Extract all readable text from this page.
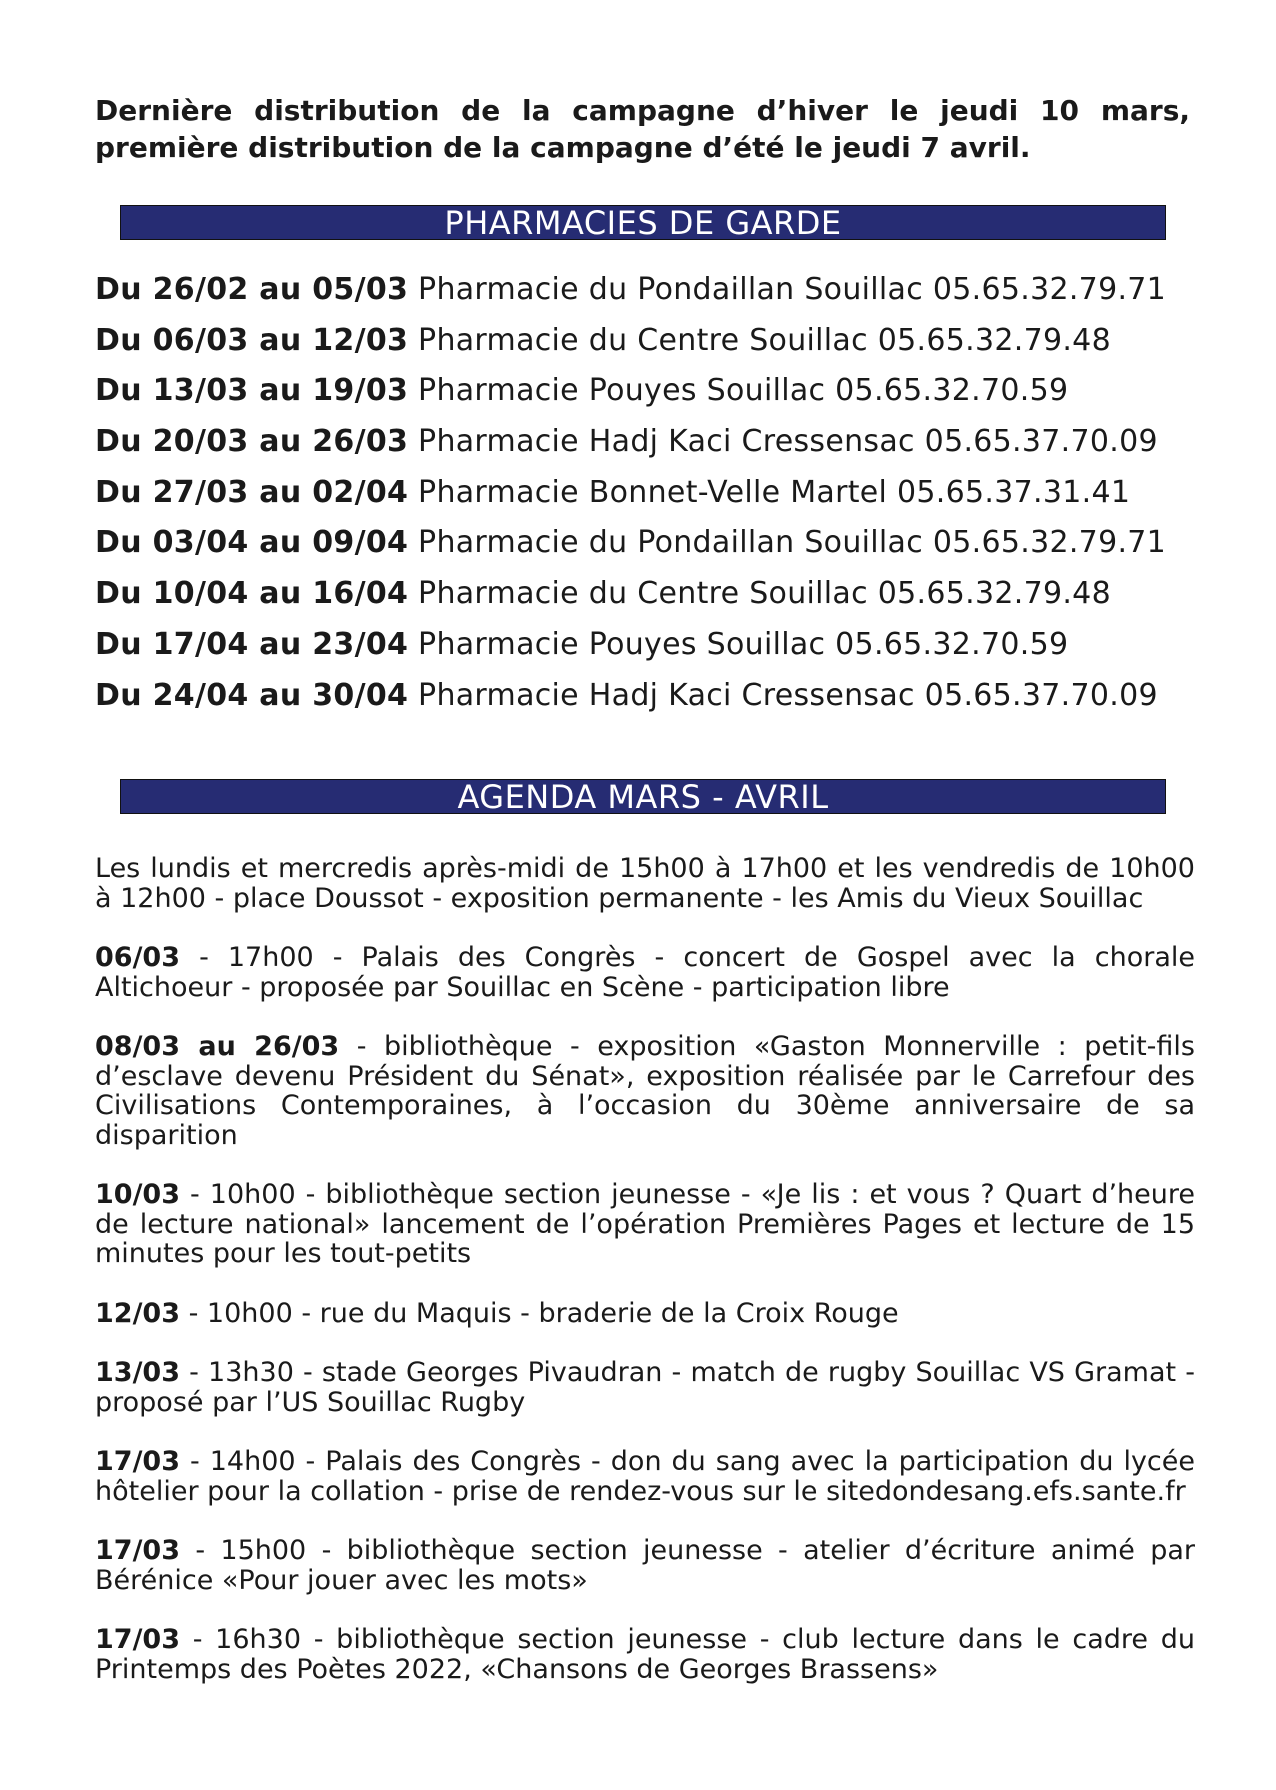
Dernière distribution de la campagne d’hiver le jeudi 10 mars, première distribution de la campagne d’été le jeudi 7 avril.

PHARMACIES DE GARDE
Du 26/02 au 05/03 Pharmacie du Pondaillan Souillac 05.65.32.79.71
Du 06/03 au 12/03 Pharmacie du Centre Souillac 05.65.32.79.48
Du 13/03 au 19/03 Pharmacie Pouyes Souillac 05.65.32.70.59
Du 20/03 au 26/03 Pharmacie Hadj Kaci Cressensac 05.65.37.70.09
Du 27/03 au 02/04 Pharmacie Bonnet-Velle Martel 05.65.37.31.41
Du 03/04 au 09/04 Pharmacie du Pondaillan Souillac 05.65.32.79.71
Du 10/04 au 16/04 Pharmacie du Centre Souillac 05.65.32.79.48
Du 17/04 au 23/04 Pharmacie Pouyes Souillac 05.65.32.70.59
Du 24/04 au 30/04 Pharmacie Hadj Kaci Cressensac 05.65.37.70.09
AGENDA MARS - AVRIL

Les lundis et mercredis après-midi de 15h00 à 17h00 et les vendredis de 10h00 à 12h00 - place Doussot - exposition permanente - les Amis du Vieux Souillac

06/03 - 17h00 - Palais des Congrès - concert de Gospel avec la chorale Altichoeur - proposée par Souillac en Scène - participation libre

08/03 au 26/03 - bibliothèque - exposition «Gaston Monnerville : petit-fils d’esclave devenu Président du Sénat», exposition réalisée par le Carrefour des Civilisations Contemporaines, à l’occasion du 30ème anniversaire de sa disparition

10/03 - 10h00 - bibliothèque section jeunesse - «Je lis : et vous ? Quart d’heure de lecture national» lancement de l’opération Premières Pages et lecture de 15 minutes pour les tout-petits

12/03 - 10h00 - rue du Maquis - braderie de la Croix Rouge

13/03 - 13h30 - stade Georges Pivaudran - match de rugby Souillac VS Gramat - proposé par l’US Souillac Rugby

17/03 - 14h00 - Palais des Congrès - don du sang avec la participation du lycée hôtelier pour la collation - prise de rendez-vous sur le sitedondesang.efs.sante.fr

17/03 - 15h00 - bibliothèque section jeunesse - atelier d’écriture animé par Bérénice «Pour jouer avec les mots»

17/03 - 16h30 - bibliothèque section jeunesse - club lecture dans le cadre du Printemps des Poètes 2022, «Chansons de Georges Brassens»
